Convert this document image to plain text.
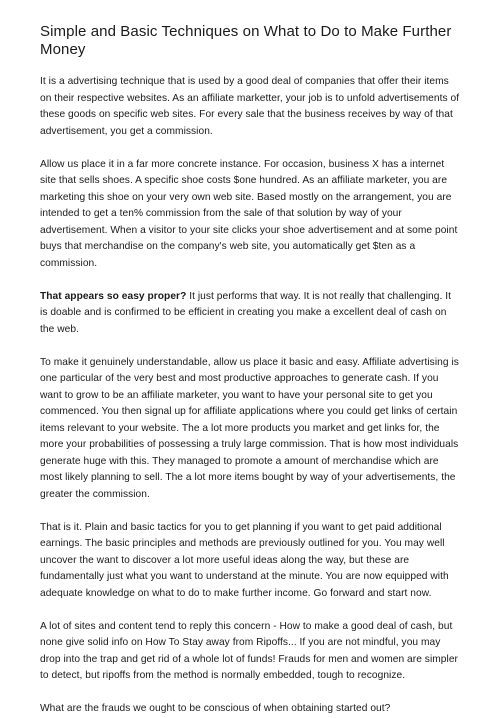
Simple and Basic Techniques on What to Do to Make Further Money

It is a advertising technique that is used by a good deal of companies that offer their items on their respective websites. As an affiliate marketter, your job is to unfold advertisements of these goods on specific web sites. For every sale that the business receives by way of that advertisement, you get a commission.

Allow us place it in a far more concrete instance. For occasion, business X has a internet site that sells shoes. A specific shoe costs $one hundred. As an affiliate marketer, you are marketing this shoe on your very own web site. Based mostly on the arrangement, you are intended to get a ten% commission from the sale of that solution by way of your advertisement. When a visitor to your site clicks your shoe advertisement and at some point buys that merchandise on the company's web site, you automatically get $ten as a commission.

That appears so easy proper? It just performs that way. It is not really that challenging. It is doable and is confirmed to be efficient in creating you make a excellent deal of cash on the web.

To make it genuinely understandable, allow us place it basic and easy. Affiliate advertising is one particular of the very best and most productive approaches to generate cash. If you want to grow to be an affiliate marketer, you want to have your personal site to get you commenced. You then signal up for affiliate applications where you could get links of certain items relevant to your website. The a lot more products you market and get links for, the more your probabilities of possessing a truly large commission. That is how most individuals generate huge with this. They managed to promote a amount of merchandise which are most likely planning to sell. The a lot more items bought by way of your advertisements, the greater the commission.

That is it. Plain and basic tactics for you to get planning if you want to get paid additional earnings. The basic principles and methods are previously outlined for you. You may well uncover the want to discover a lot more useful ideas along the way, but these are fundamentally just what you want to understand at the minute. You are now equipped with adequate knowledge on what to do to make further income. Go forward and start now.

A lot of sites and content tend to reply this concern - How to make a good deal of cash, but none give solid info on How To Stay away from Ripoffs... If you are not mindful, you may drop into the trap and get rid of a whole lot of funds! Frauds for men and women are simpler to detect, but ripoffs from the method is normally embedded, tough to recognize.

What are the frauds we ought to be conscious of when obtaining started out?
